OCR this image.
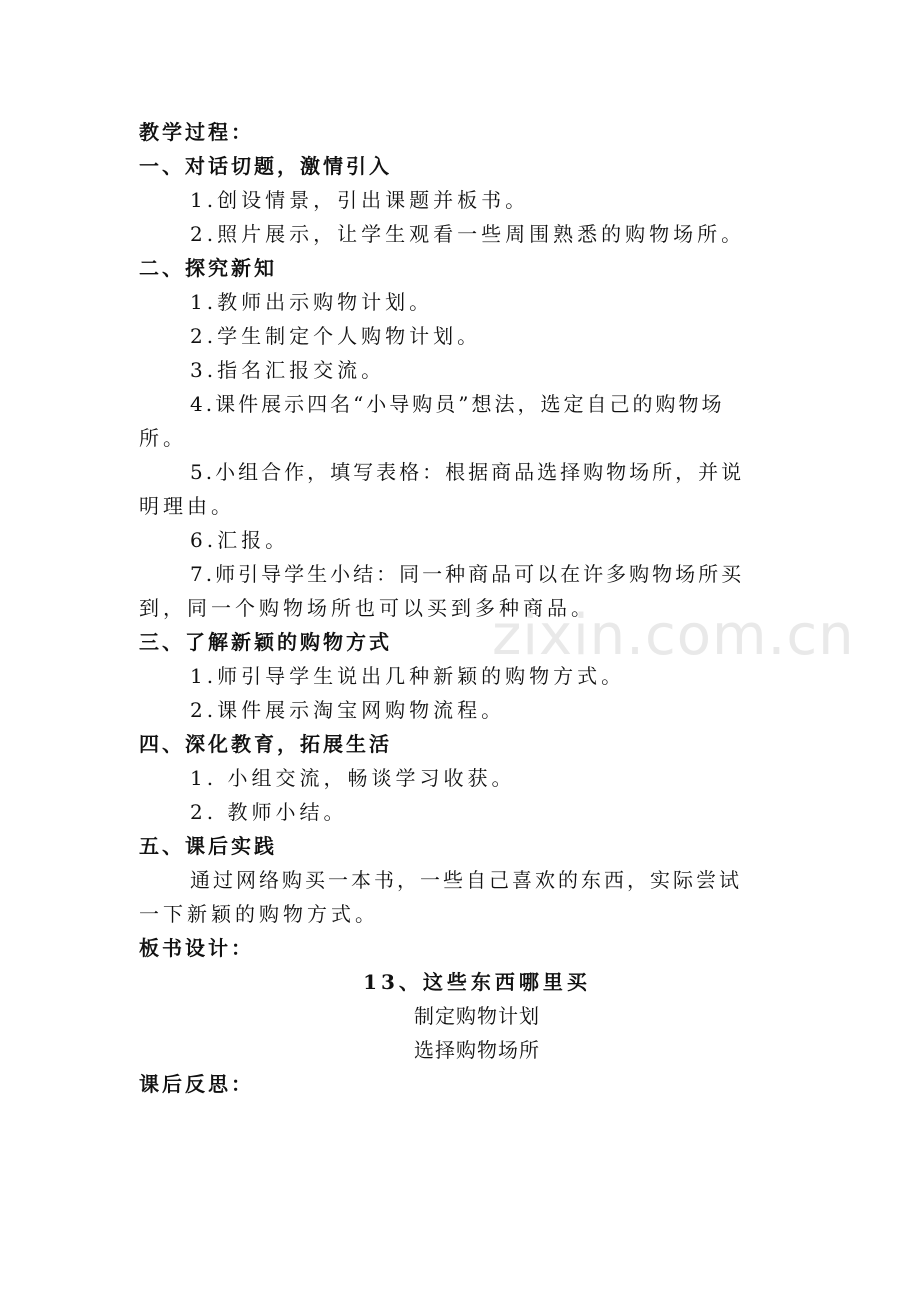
教学过程：
一、对话切题，激情引入
1.创设情景，引出课题并板书。
2.照片展示，让学生观看一些周围熟悉的购物场所。
二、探究新知
1.教师出示购物计划。
2.学生制定个人购物计划。
3.指名汇报交流。
4.课件展示四名“小导购员”想法，选定自己的购物场
所。
5.小组合作，填写表格：根据商品选择购物场所，并说
明理由。
6.汇报。
7.师引导学生小结：同一种商品可以在许多购物场所买
到，同一个购物场所也可以买到多种商品。
zixin.com.cn
三、了解新颖的购物方式
1.师引导学生说出几种新颖的购物方式。
2.课件展示淘宝网购物流程。
四、深化教育，拓展生活
1. 小组交流，畅谈学习收获。
2. 教师小结。
五、课后实践
通过网络购买一本书，一些自己喜欢的东西，实际尝试
一下新颖的购物方式。
板书设计：
13、这些东西哪里买
制定购物计划
选择购物场所
课后反思：
